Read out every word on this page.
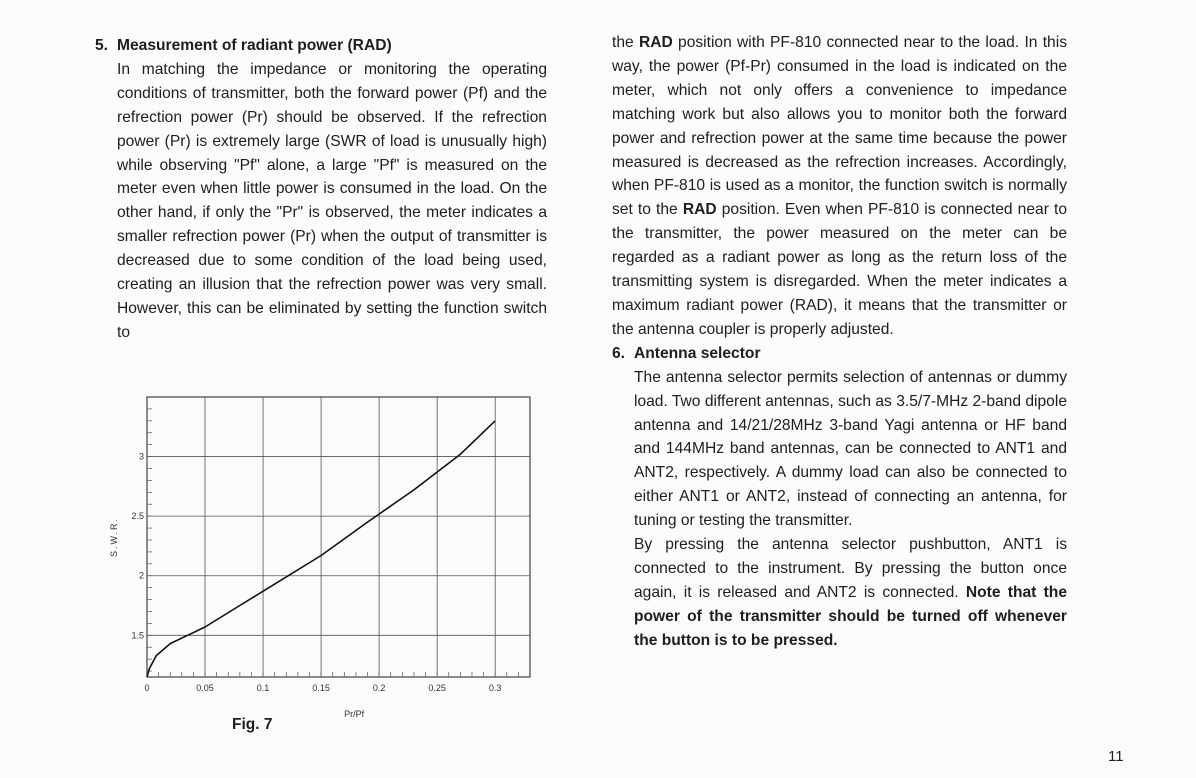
5. Measurement of radiant power (RAD)

In matching the impedance or monitoring the operating conditions of transmitter, both the forward power (Pf) and the refrection power (Pr) should be observed. If the refrection power (Pr) is extremely large (SWR of load is unusually high) while observing "Pf" alone, a large "Pf" is measured on the meter even when little power is consumed in the load. On the other hand, if only the "Pr" is observed, the meter indicates a smaller refrection power (Pr) when the output of transmitter is decreased due to some condition of the load being used, creating an illusion that the refrection power was very small. However, this can be eliminated by setting the function switch to

0	0.05	0.1	0.15	0.2	0.25	0.3
1.5
2
2.5
3
Pr/Pf
S.W.R.
Fig. 7

the RAD position with PF-810 connected near to the load. In this way, the power (Pf-Pr) consumed in the load is indicated on the meter, which not only offers a convenience to impedance matching work but also allows you to monitor both the forward power and refrection power at the same time because the power measured is decreased as the refrection increases. Accordingly, when PF-810 is used as a monitor, the function switch is normally set to the RAD position. Even when PF-810 is connected near to the transmitter, the power measured on the meter can be regarded as a radiant power as long as the return loss of the transmitting system is disregarded. When the meter indicates a maximum radiant power (RAD), it means that the transmitter or the antenna coupler is properly adjusted.

6. Antenna selector

The antenna selector permits selection of antennas or dummy load. Two different antennas, such as 3.5/7-MHz 2-band dipole antenna and 14/21/28MHz 3-band Yagi antenna or HF band and 144MHz band antennas, can be connected to ANT1 and ANT2, respectively. A dummy load can also be connected to either ANT1 or ANT2, instead of connecting an antenna, for tuning or testing the transmitter.

By pressing the antenna selector pushbutton, ANT1 is connected to the instrument. By pressing the button once again, it is released and ANT2 is connected. Note that the power of the transmitter should be turned off whenever the button is to be pressed.

11
